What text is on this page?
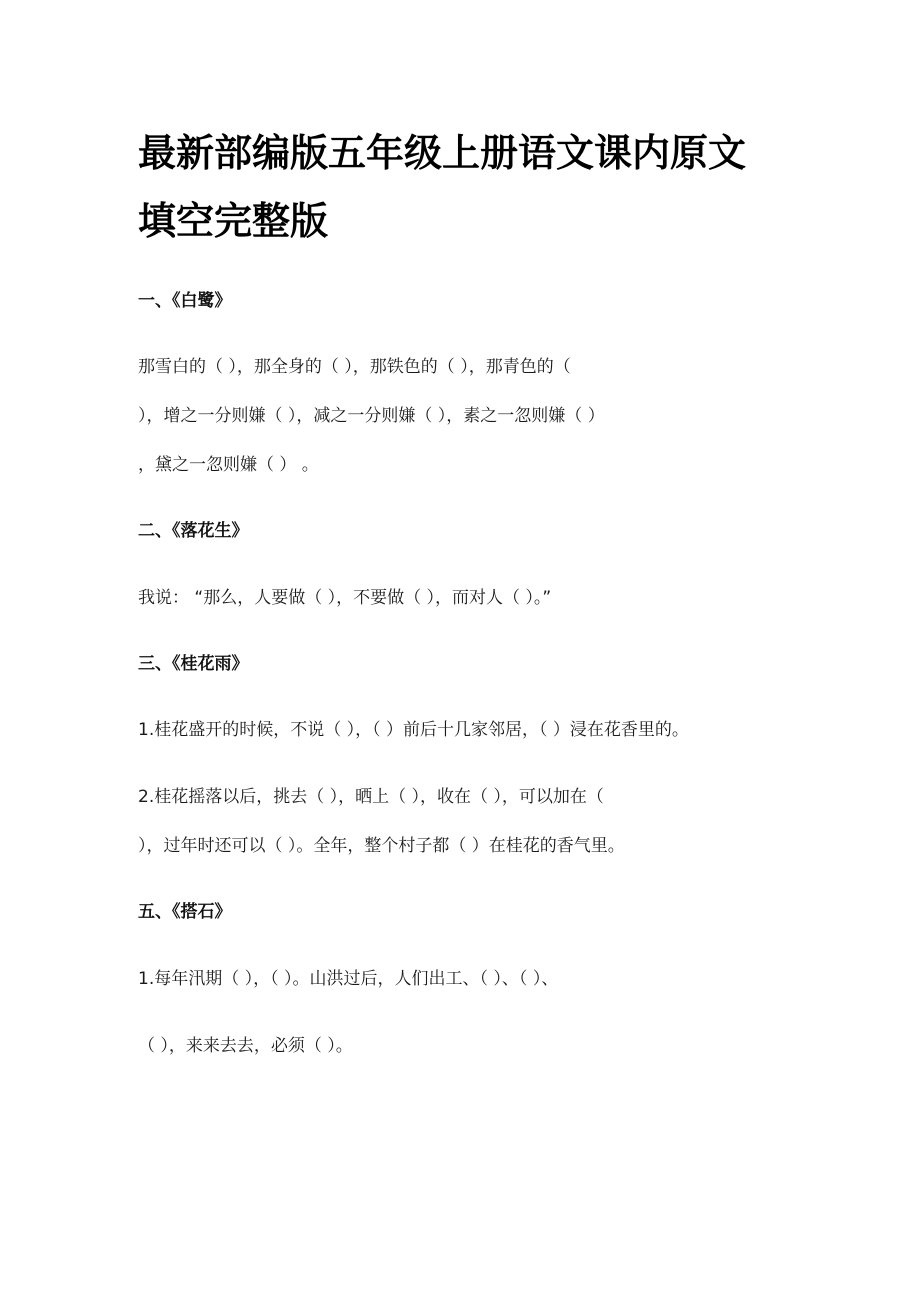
最新部编版五年级上册语文课内原文
填空完整版
一、《白鹭》
那雪白的（ ），那全身的（ ），那铁色的（ ），那青色的（
），增之一分则嫌（ ），减之一分则嫌（ ），素之一忽则嫌（ ）
，黛之一忽则嫌（ ） 。
二、《落花生》
我说： “那么，人要做（ ），不要做（ ），而对人（ ）。”
三、《桂花雨》
1.桂花盛开的时候，不说（ ），（ ）前后十几家邻居，（ ）浸在花香里的。
2.桂花摇落以后，挑去（ ），晒上（ ），收在（ ），可以加在（
），过年时还可以（ ）。全年，整个村子都（ ）在桂花的香气里。
五、《搭石》
1.每年汛期（ ），（ ）。山洪过后，人们出工、（ ）、（ ）、
（ ），来来去去，必须（ ）。
